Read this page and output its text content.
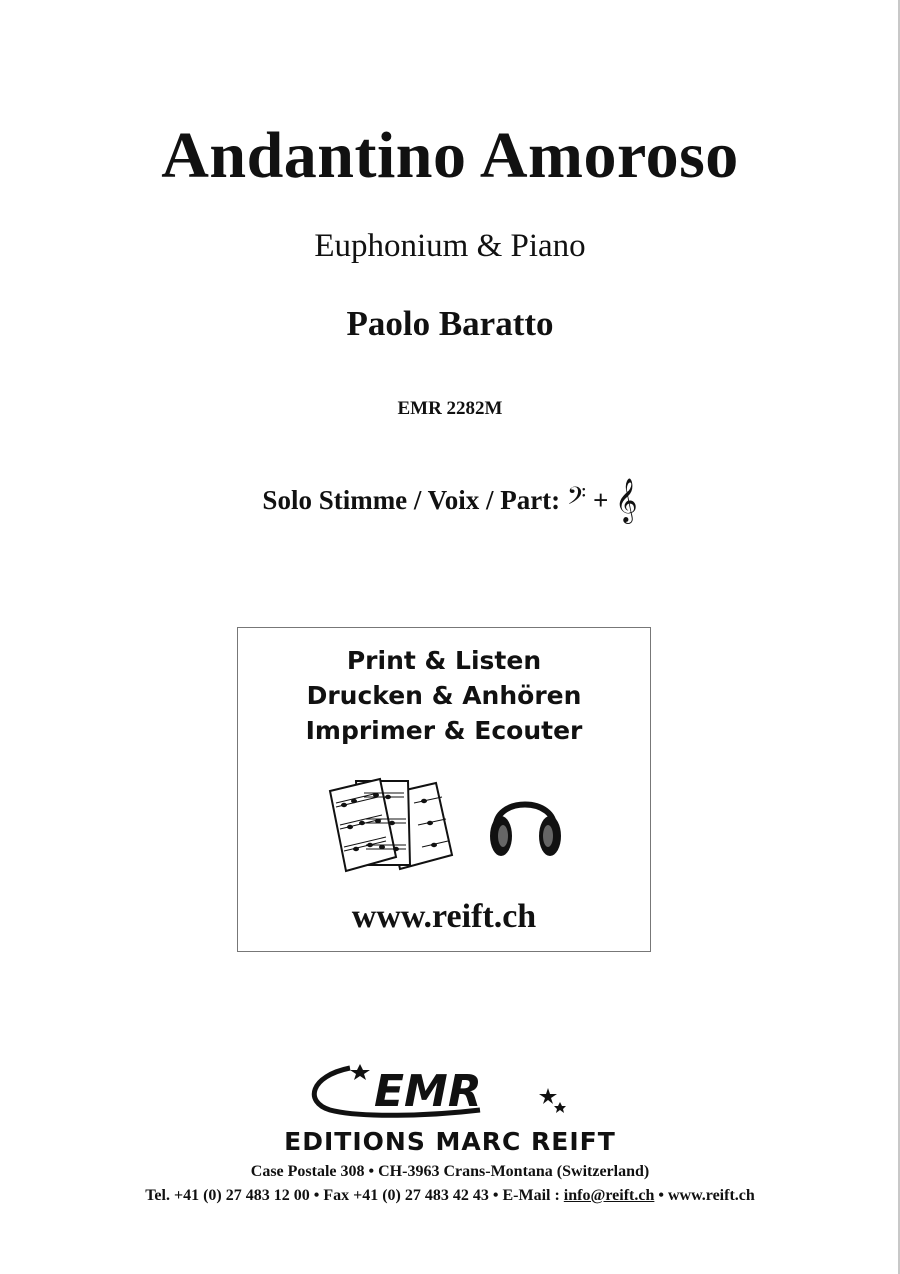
Andantino Amoroso
Euphonium & Piano
Paolo Baratto
EMR 2282M
Solo Stimme / Voix / Part: 𝄢 + 𝄞
Print & Listen
Drucken & Anhören
Imprimer & Ecouter
www.reift.ch
EMR
EDITIONS MARC REIFT
Case Postale 308 • CH-3963 Crans-Montana (Switzerland)
Tel. +41 (0) 27 483 12 00 • Fax +41 (0) 27 483 42 43 • E-Mail : info@reift.ch • www.reift.ch
